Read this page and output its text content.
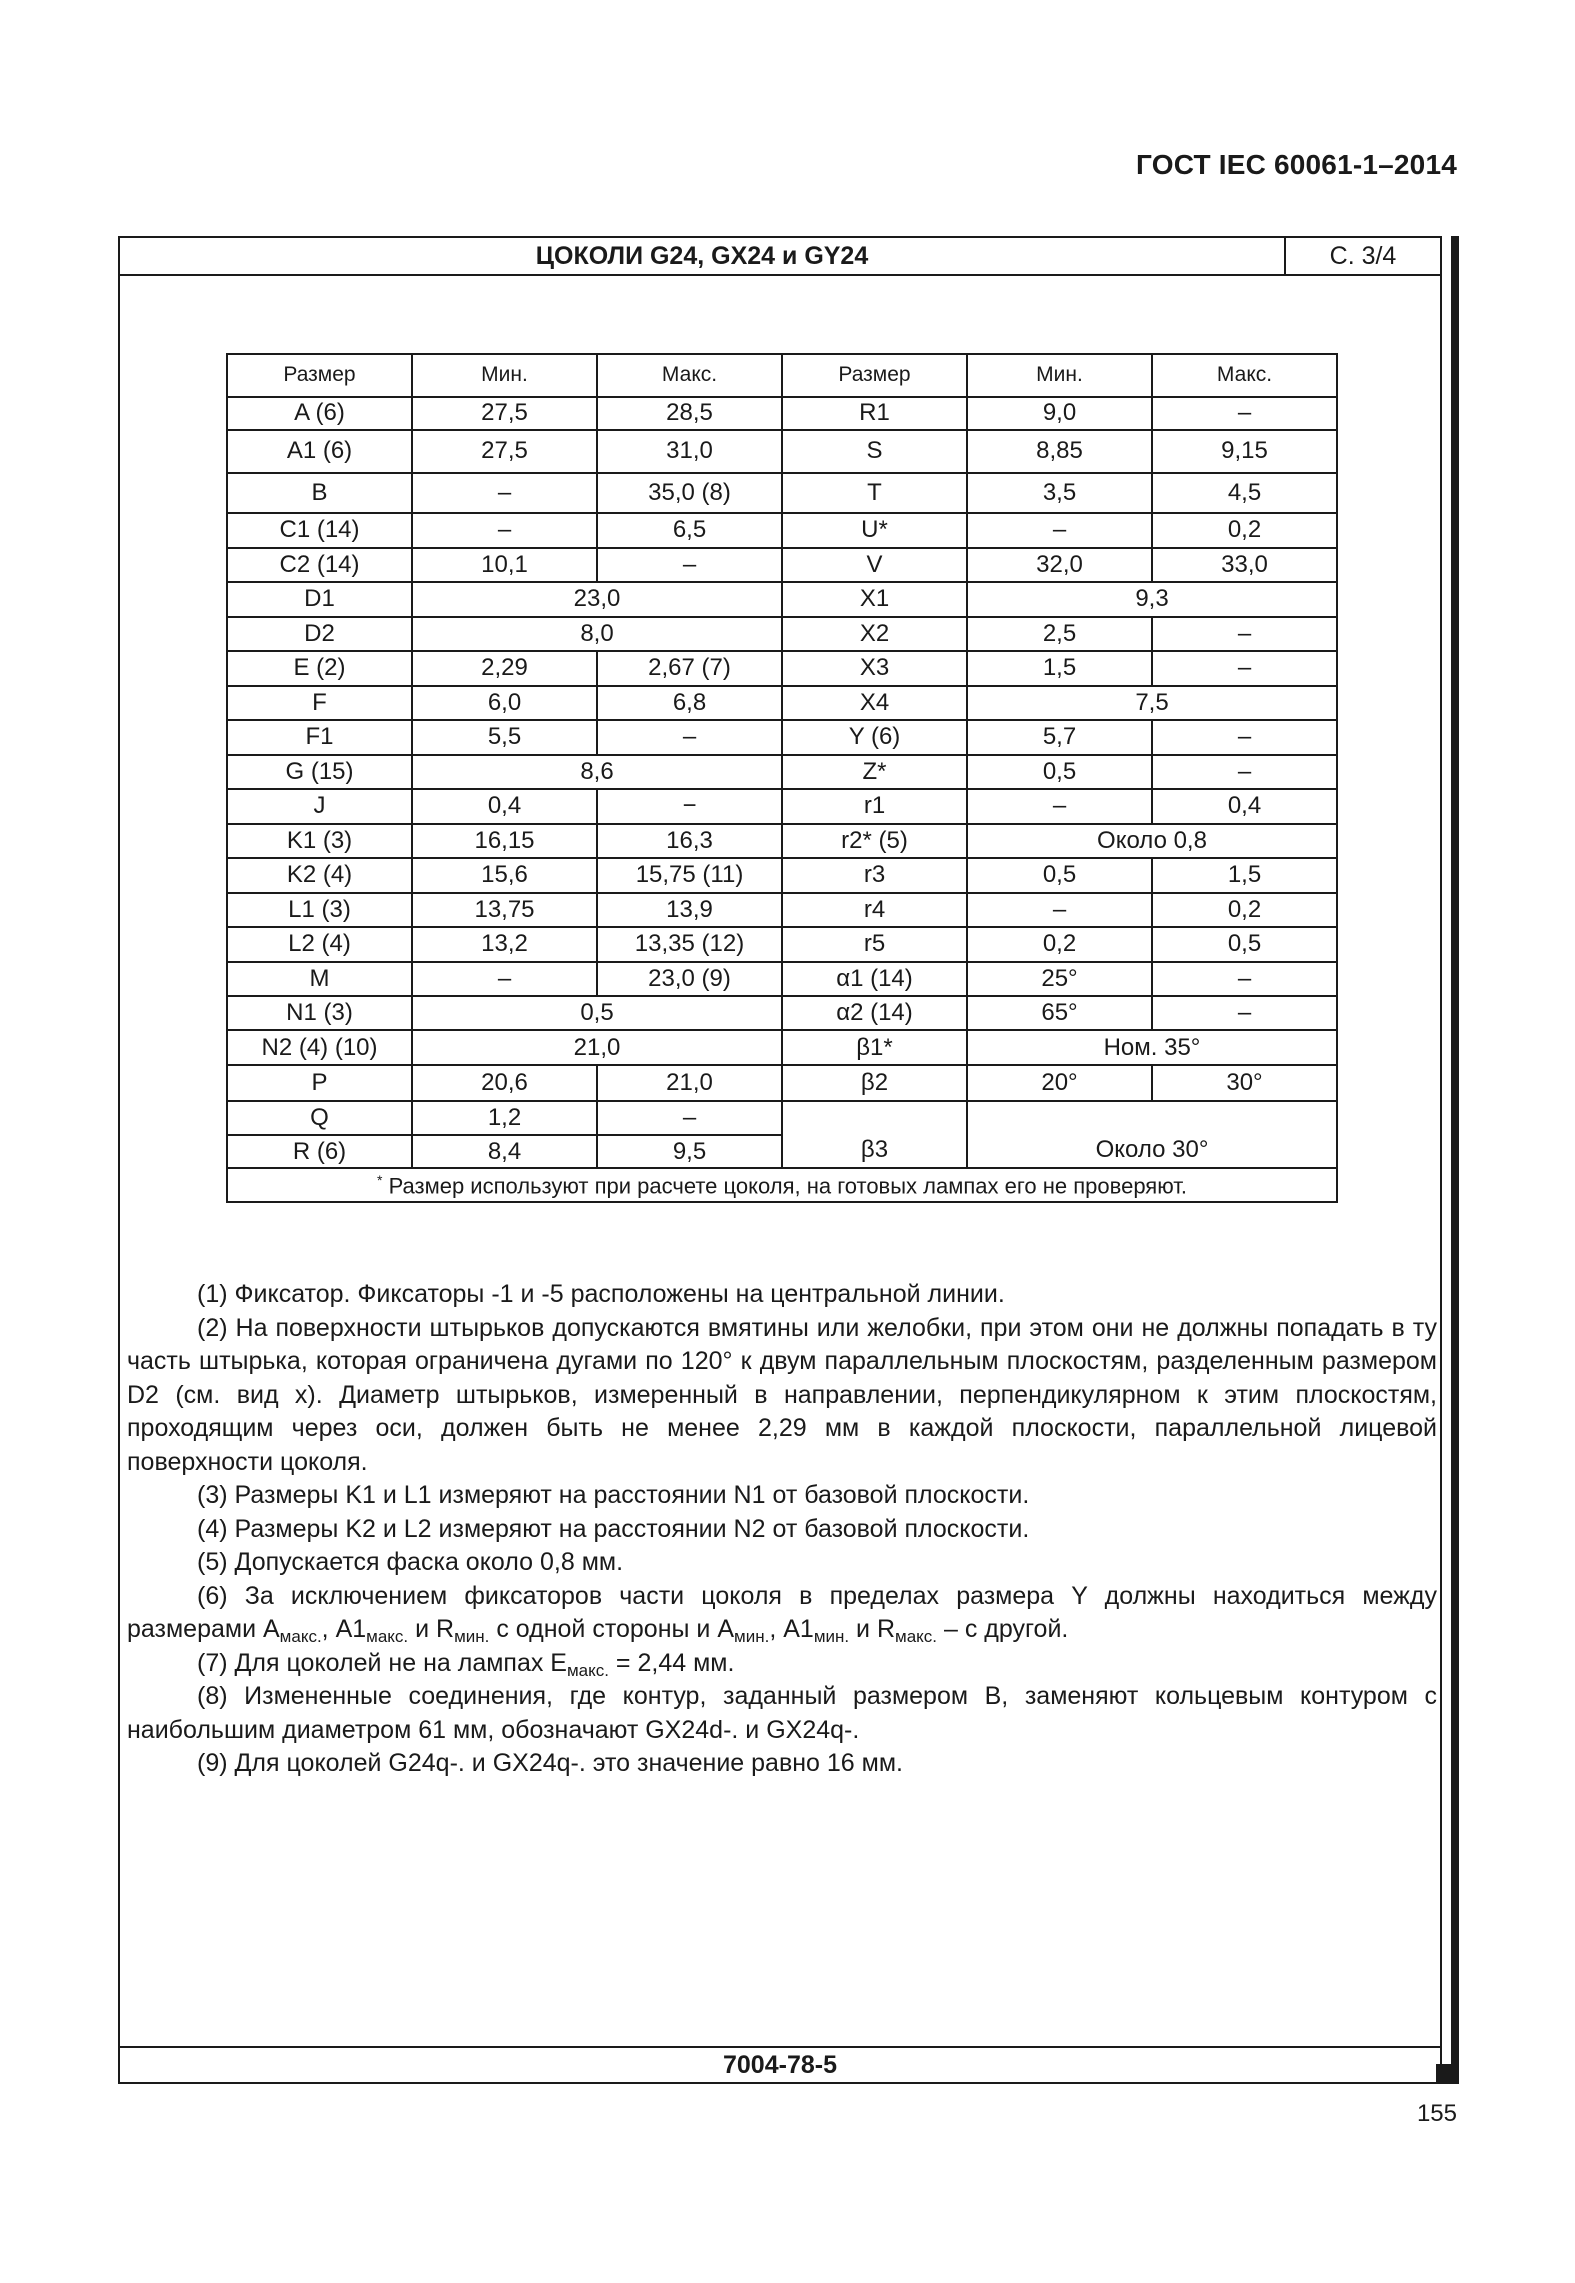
ГОСТ IEC 60061-1–2014
ЦОКОЛИ G24, GX24 и GY24	С. 3/4
7004-78-5
Размер	Мин.	Макс.	Размер	Мин.	Макс.
A (6)	27,5	28,5	R1	9,0	–
A1 (6)	27,5	31,0	S	8,85	9,15
B	–	35,0 (8)	T	3,5	4,5
C1 (14)	–	6,5	U*	–	0,2
C2 (14)	10,1	–	V	32,0	33,0
D1	23,0		X1	9,3	
D2	8,0		X2	2,5	–
E (2)	2,29	2,67 (7)	X3	1,5	–
F	6,0	6,8	X4	7,5	
F1	5,5	–	Y (6)	5,7	–
G (15)	8,6		Z*	0,5	–
J	0,4	−	r1	–	0,4
K1 (3)	16,15	16,3	r2* (5)	Около 0,8	
K2 (4)	15,6	15,75 (11)	r3	0,5	1,5
L1 (3)	13,75	13,9	r4	–	0,2
L2 (4)	13,2	13,35 (12)	r5	0,2	0,5
M	–	23,0 (9)	α1 (14)	25°	–
N1 (3)	0,5		α2 (14)	65°	–
N2 (4) (10)	21,0		β1*	Ном. 35°	
P	20,6	21,0	β2	20°	30°
Q	1,2	–	β3	Около 30°	
R (6)	8,4	9,5			
* Размер используют при расчете цоколя, на готовых лампах его не проверяют.					

(1) Фиксатор. Фиксаторы -1 и -5 расположены на центральной линии.

(2) На поверхности штырьков допускаются вмятины или желобки, при этом они не должны попадать в ту часть штырька, которая ограничена дугами по 120° к двум параллельным плоскостям, разделенным размером D2 (см. вид x). Диаметр штырьков, измеренный в направлении, перпендикулярном к этим плоскостям, проходящим через оси, должен быть не менее 2,29 мм в каждой плоскости, параллельной лицевой поверхности цоколя.

(3) Размеры K1 и L1 измеряют на расстоянии N1 от базовой плоскости.

(4) Размеры K2 и L2 измеряют на расстоянии N2 от базовой плоскости.

(5) Допускается фаска около 0,8 мм.

(6) За исключением фиксаторов части цоколя в пределах размера Y должны находиться между размерами $A_{макс.}$, $A1_{макс.}$ и $R_{мин.}$ с одной стороны и $A_{мин.}$, $A1_{мин.}$ и $R_{макс.}$ – с другой.

(7) Для цоколей не на лампах $E_{макс.} = 2,44$ мм.

(8) Измененные соединения, где контур, заданный размером B, заменяют кольцевым контуром с наибольшим диаметром 61 мм, обозначают GX24d-. и GX24q-.

(9) Для цоколей G24q-. и GX24q-. это значение равно 16 мм.

155
